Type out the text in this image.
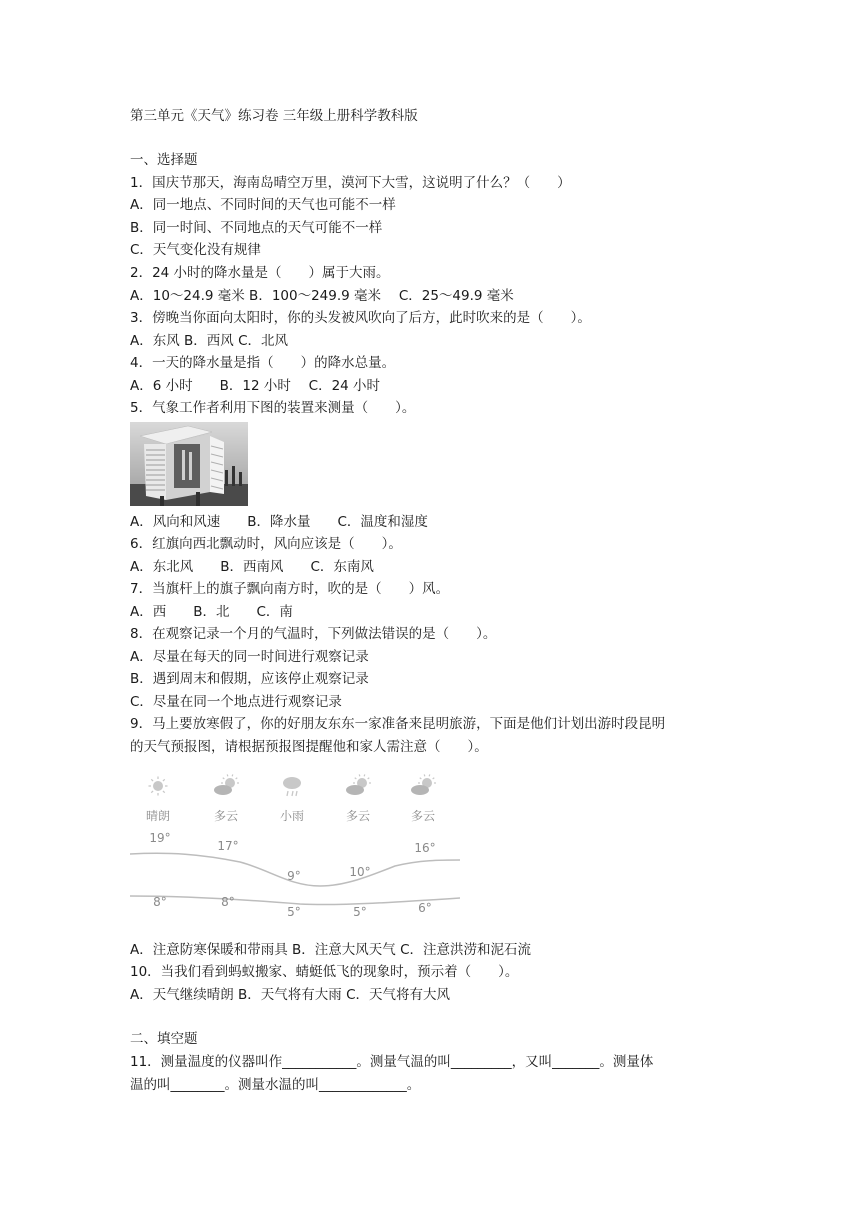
第三单元《天气》练习卷 三年级上册科学教科版
一、选择题
1．国庆节那天，海南岛晴空万里，漠河下大雪，这说明了什么？（　　）
A．同一地点、不同时间的天气也可能不一样
B．同一时间、不同地点的天气可能不一样
C．天气变化没有规律
2．24 小时的降水量是（　　）属于大雨。
A．10～24.9 毫米 B．100～249.9 毫米　 C．25～49.9 毫米
3．傍晚当你面向太阳时，你的头发被风吹向了后方，此时吹来的是（　　）。
A．东风 B．西风 C．北风
4．一天的降水量是指（　　）的降水总量。
A．6 小时　　B．12 小时　 C．24 小时
5．气象工作者利用下图的装置来测量（　　）。
A．风向和风速　　B．降水量　　C．温度和湿度
6．红旗向西北飘动时，风向应该是（　　）。
A．东北风　　B．西南风　　C．东南风
7．当旗杆上的旗子飘向南方时，吹的是（　　）风。
A．西　　B．北　　C．南
8．在观察记录一个月的气温时，下列做法错误的是（　　）。
A．尽量在每天的同一时间进行观察记录
B．遇到周末和假期，应该停止观察记录
C．尽量在同一个地点进行观察记录
9．马上要放寒假了，你的好朋友东东一家准备来昆明旅游，下面是他们计划出游时段昆明
的天气预报图，请根据预报图提醒他和家人需注意（　　）。
晴朗
19°
8°
多云
17°
8°
小雨
9°
5°
多云
10°
5°
多云
16°
6°
A．注意防寒保暖和带雨具 B．注意大风天气 C．注意洪涝和泥石流
10．当我们看到蚂蚁搬家、蜻蜓低飞的现象时，预示着（　　）。
A．天气继续晴朗 B．天气将有大雨 C．天气将有大风
二、填空题
11．测量温度的仪器叫作___________。测量气温的叫_________，又叫_______。测量体
温的叫________。测量水温的叫_____________。
